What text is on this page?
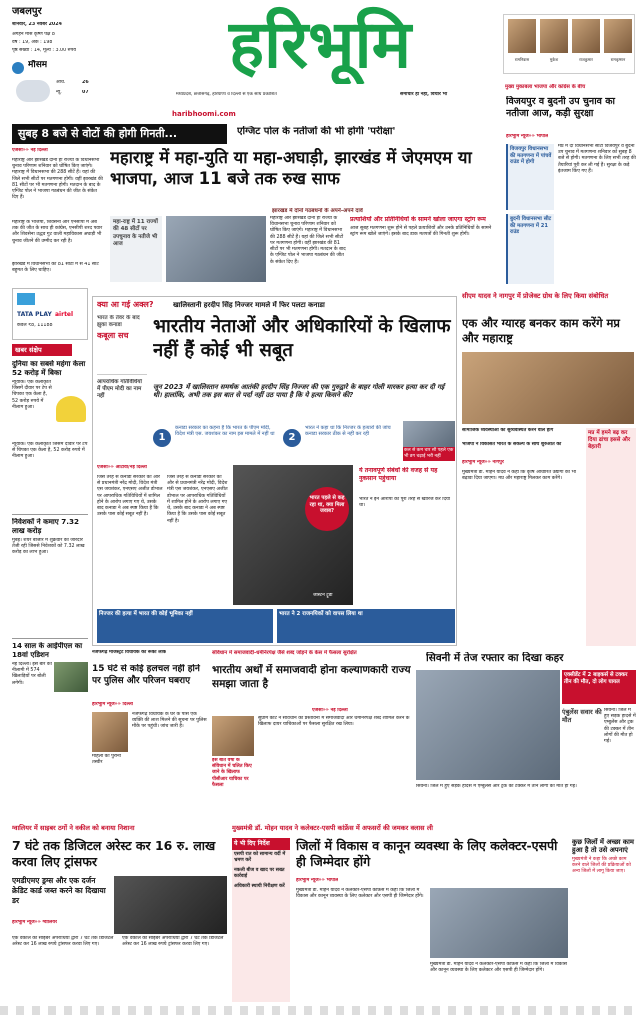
जबलपुर
शनिवार, 23 नवंबर 2024
अगहन मास कृष्ण पक्ष 8
वर्ष : 19, अंक : 198
पृष्ठ संख्या : 14, मूल्य : 3.00 रुपये
मौसम
अधि.	26
न्यू.	07
हरिभूमि
मध्यप्रदेश, छत्तीसगढ़, हरियाणा व दिल्ली से एक साथ प्रकाशित	समाचार ही नहीं, विचार भी
haribhoomi.com
रामनिवास	मुकेश	राजकुमार	रामकृष्णन
मुख्य मुकाबला भाजपा और कांग्रेस के बीच
सुबह 8 बजे से वोटों की होगी गिनती...	एग्जिट पोल के नतीजों की भी होगी 'परीक्षा'
एजेंसी»» नई दिल्ली	महाराष्ट्र में महा-युति या महा-अघाड़ी, झारखंड में जेएमएम या भाजपा, आज 11 बजे तक रुख साफ
महाराष्ट्र और झारखंड दोनों ही राज्यों के विधानसभा चुनाव परिणाम शनिवार को घोषित किए जाएंगे। महाराष्ट्र में विधानसभा की 288 सीटें हैं। यहां की जिले सभी सीटों पर मतगणना होगी। वहीं झारखंड की 81 सीटों पर भी मतगणना होगी। मतदान के बाद के एग्जिट पोल ने भाजपा गठबंधन की जीत के संकेत दिए हैं।
महाराष्ट्र के भाजपा, शिवसेना और एनसीपी में अब तक की जीत के साथ ही कांग्रेस, एनसीपी शरद पवार और शिवसेना उद्धव गुट वाली महाविकास अघाड़ी भी चुनाव जीतने की उम्मीद कर रही है।
झारखंड में विधानसभा की 81 सीटों में से 41 सीटें बहुमत के लिए चाहिए।
झारखंड में दोनों गठबंधनों के अपने-अपने दावे
महा-राष्ट्र में 11 राज्यों की 48 सीटों पर उपचुनाव के नतीजे भी आज
महाराष्ट्र और झारखंड दोनों ही राज्यों के विधानसभा चुनाव परिणाम शनिवार को घोषित किए जाएंगे। महाराष्ट्र में विधानसभा की 288 सीटें हैं। यहां की जिले सभी सीटों पर मतगणना होगी। वहीं झारखंड की 81 सीटों पर भी मतगणना होगी। मतदान के बाद के एग्जिट पोल ने भाजपा गठबंधन की जीत के संकेत दिए हैं।
प्रत्याशियों और प्रतिनिधियों के सामने खोला जाएगा स्ट्रांग रूम
आज सुबह मतगणना शुरू होने से पहले प्रत्याशियों और उनके प्रतिनिधियों के सामने स्ट्रांग रूम खोले जाएंगे। इसके बाद डाक मतपत्रों की गिनती शुरू होगी।
विजयपुर व बुदनी उप चुनाव का नतीजा आज, कड़ी सुरक्षा
हरिभूमि न्यूज»» भोपाल
विजयपुर विधानसभा की मतगणना में पांचवें राउंड में होगी
बुदनी विधानसभा सीट की मतगणना में 21 राउंड
मप्र में दो विधानसभा सीटों विजयपुर व बुदनी उप चुनाव में मतगणना शनिवार को सुबह 8 बजे से होगी। मतगणना के लिए सभी तरह की तैयारियां पूरी कर ली गई हैं। सुरक्षा के कड़े इंतजाम किए गए हैं।
TATA PLAY airtel
केवल ₹8, 11188
खबर संक्षेप
दुनिया का सबसे महंगा केला 52 करोड़ में बिका
न्यूयॉर्क। एक कलाकृति जिसमें दीवार पर टेप से चिपका एक केला है, 52 करोड़ रुपये में नीलाम हुआ।
न्यूयॉर्क। एक कलाकृति जिसमें दीवार पर टेप से चिपका एक केला है, 52 करोड़ रुपये में नीलाम हुआ।
निवेशकों ने कमाए 7.32 लाख करोड़
मुंबई। शेयर बाजार में शुक्रवार को जोरदार तेजी रही जिससे निवेशकों को 7.32 लाख करोड़ का लाभ हुआ।
14 साल के आईपीएल का 18वां एडिशन
नई दिल्ली। इस बार की नीलामी में 574 खिलाड़ियों पर बोली लगेगी।
क्या आ गई अक्ल?	खालिस्तानी हरदीप सिंह निज्जर मामले में फिर पलटा कनाडा
भारत के तेवर के बाद झुका कनाडा
कबूला सच
आपराधिक गतिविधियों में पीएम मोदी का नाम नहीं
भारतीय नेताओं और अधिकारियों के खिलाफ नहीं हैं कोई भी सबूत
जून 2023 में खालिस्तान समर्थक आतंकी हरदीप सिंह निज्जर की एक गुरुद्वारे के बाहर गोली मारकर हत्या कर दी गई थी। हालांकि, अभी तक इस बात से पर्दा नहीं उठ पाया है कि ये हत्या किसने की?
1
कनाडा सरकार का कहना है कि भारत के पीएम मोदी, विदेश मंत्री एस. जयशंकर का नाम इस मामले में नहीं था	2
भारत ने कहा था कि निज्जर के हत्यारों की जांच कनाडा सरकार ठीक से नहीं कर रही
कल से कम चार सौ पहले एक भी डग चढ़ाई भरी नहीं
एजेंसी»» ओटावा/नई दिल्ली
जिस तरह से कनाडा सरकार को और से प्रधानमंत्री नरेंद्र मोदी, विदेश मंत्री एस जयशंकर, एनएसए अजीत डोभाल पर आपराधिक गतिविधियों में शामिल होने के आरोप लगाए गए थे, उसके बाद कनाडा ने अब स्पष्ट किया है कि उसके पास कोई सबूत नहीं है।
जिस तरह से कनाडा सरकार को और से प्रधानमंत्री नरेंद्र मोदी, विदेश मंत्री एस जयशंकर, एनएसए अजीत डोभाल पर आपराधिक गतिविधियों में शामिल होने के आरोप लगाए गए थे, उसके बाद कनाडा ने अब स्पष्ट किया है कि उसके पास कोई सबूत नहीं है।
भारत पहले से कह रहा था, क्या मिला जवाब?
जस्टिन ट्रूडो
ये तनावपूर्ण संबंधों की वजह से यह नुकसान पहुंचाया
भारत ने इन आरोपों को पूरी तरह से खारिज कर दिया था।
निज्जर की हत्या में भारत की कोई भूमिका नहीं	भारत ने 2 राजनयिकों को वापस लिया था
सीएम यादव ने नागपुर में प्रोजेक्ट ग्रोथ के लिए किया संबोधित
एक और ग्यारह बनकर काम करेंगे मप्र और महाराष्ट्र
सामाजिक व्यवस्थाओं को सुव्यवस्थित करने वाले होंगे
भाजपा ने विकसित भारत के संकल्प के साथ शुरुआत की
हरिभूमि न्यूज»» नागपुर
मुख्यमंत्री डॉ. मोहन यादव ने कहा कि कृषि आधारित उद्योगों को भी बढ़ावा दिया जाएगा। मप्र और महाराष्ट्र मिलकर काम करेंगे।
मप्र में हमने बढ़ कर दिया ढांचा इससे और बेहतरी
नजफगढ़ मजिस्ट्रेट विधायक का रूका लोक
15 घंटे से कोई हलचल नहीं होने पर पुलिस और परिजन घबराए
हरिभूमि न्यूज»» दिल्ली
महिला की पुरानी तस्वीर
नजफगढ़ विधायक के घर के पास एक व्यक्ति की लाश मिलने की सूचना पर पुलिस मौके पर पहुंची। जांच जारी है।
संविधान में समाजवादी-धर्मनिरपेक्ष जैसे शब्द जोड़ने के केस में फैसला सुरक्षित
भारतीय अर्थों में समाजवादी होना कल्याणकारी राज्य समझा जाता है
एजेंसी»» नई दिल्ली
इस बीते वर्षों के संविधान में चलित किए जाने के खिलाफ पीसीआर याचिका पर फैसला
सुप्रीम कोर्ट ने संविधान की प्रस्तावना में समाजवादी और धर्मनिरपेक्ष शब्द शामिल करने के खिलाफ दायर याचिकाओं पर फैसला सुरक्षित रख लिया।
सिवनी में तेज रफ्तार का दिखा कहर
एक्सीडेंट में 2 बाइकर्स से टक्कर तीन की मौत, दो लोग घायल
एंबुलेंस सवार की मौत
सिवनी। जिले में हुए सड़क हादसे में एम्बुलेंस और ट्रक की टक्कर में तीन लोगों की मौत हो गई।
सिवनी। जिले में हुए सड़क हादसे में एम्बुलेंस और ट्रक की टक्कर में तीन लोगों की मौत हो गई।
ग्वालियर में साइबर ठगों ने वकील को बनाया निशाना
7 घंटे तक डिजिटल अरेस्ट कर 16 रु. लाख करवा लिए ट्रांसफर
एमडीएमए ड्रग्स और एक दर्जन क्रेडिट कार्ड जब्त करने का दिखाया डर
हरिभूमि न्यूज»» ग्वालियर
एक वकील को साइबर अपराधियों द्वारा 7 घंटे तक डिजिटल अरेस्ट कर 16 लाख रुपये ट्रांसफर करवा लिए गए।
एक वकील को साइबर अपराधियों द्वारा 7 घंटे तक डिजिटल अरेस्ट कर 16 लाख रुपये ट्रांसफर करवा लिए गए।
मुख्यमंत्री डॉ. मोहन यादव ने कलेक्टर-एसपी कांफ्रेंस में अफसरों की जमकर क्लास ली
ये भी दिए निर्देश
एसपी रात को सामान्य वर्दी में भ्रमण करें
नकली बीज व खाद पर सख्त कार्रवाई
अधिकारी स्थायी निरीक्षण करें
जिलों में विकास व कानून व्यवस्था के लिए कलेक्टर-एसपी ही जिम्मेदार होंगे
हरिभूमि न्यूज»» भोपाल
मुख्यमंत्री डॉ. मोहन यादव ने कलेक्टर-एसपी कांफ्रेंस में कहा कि जिलों में विकास और कानून व्यवस्था के लिए कलेक्टर और एसपी ही जिम्मेदार होंगे।
मुख्यमंत्री डॉ. मोहन यादव ने कलेक्टर-एसपी कांफ्रेंस में कहा कि जिलों में विकास और कानून व्यवस्था के लिए कलेक्टर और एसपी ही जिम्मेदार होंगे।
कुछ जिलों में अच्छा काम हुआ है तो उसे अपनाएं
मुख्यमंत्री ने कहा कि अच्छे काम करने वाले जिलों की प्रक्रियाओं को अन्य जिलों में लागू किया जाए।
